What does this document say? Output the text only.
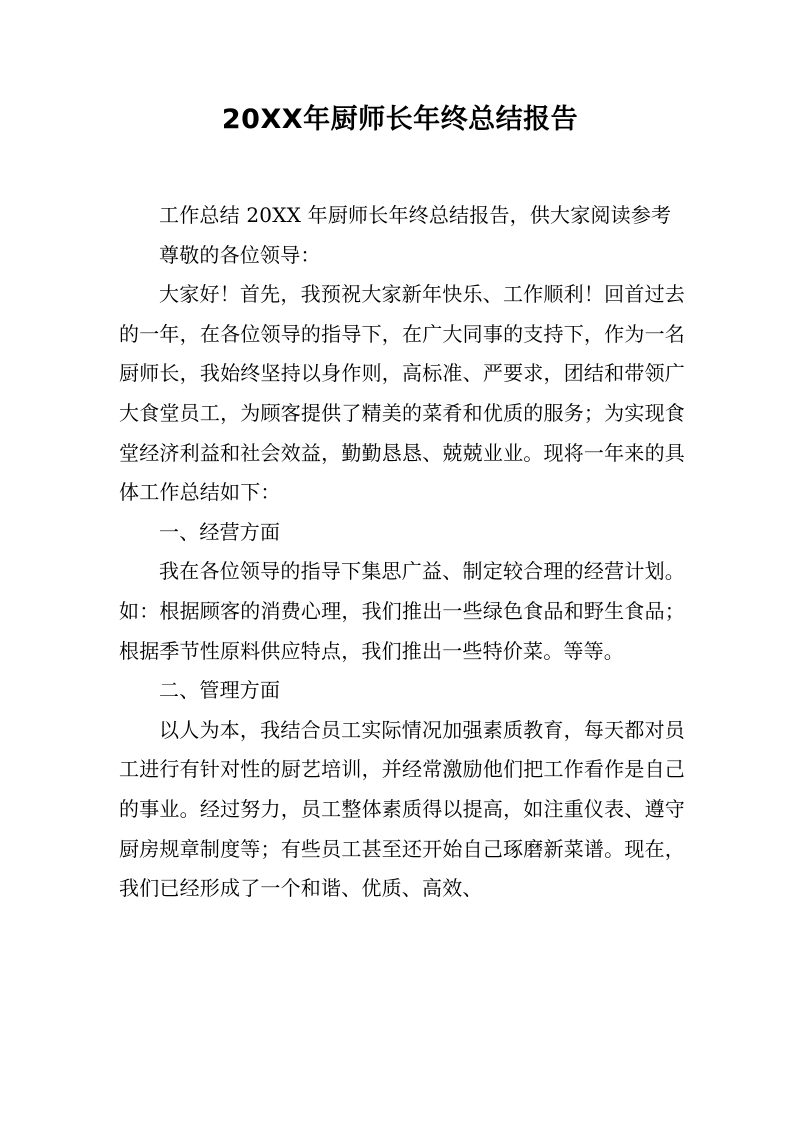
20XX年厨师长年终总结报告

工作总结 20XX 年厨师长年终总结报告，供大家阅读参考

尊敬的各位领导：

大家好！首先，我预祝大家新年快乐、工作顺利！回首过去的一年，在各位领导的指导下，在广大同事的支持下，作为一名厨师长，我始终坚持以身作则，高标准、严要求，团结和带领广大食堂员工，为顾客提供了精美的菜肴和优质的服务；为实现食堂经济利益和社会效益，勤勤恳恳、兢兢业业。现将一年来的具体工作总结如下：

一、经营方面

我在各位领导的指导下集思广益、制定较合理的经营计划。如：根据顾客的消费心理，我们推出一些绿色食品和野生食品；根据季节性原料供应特点，我们推出一些特价菜。等等。

二、管理方面

以人为本，我结合员工实际情况加强素质教育，每天都对员工进行有针对性的厨艺培训，并经常激励他们把工作看作是自己的事业。经过努力，员工整体素质得以提高，如注重仪表、遵守厨房规章制度等；有些员工甚至还开始自己琢磨新菜谱。现在，我们已经形成了一个和谐、优质、高效、
